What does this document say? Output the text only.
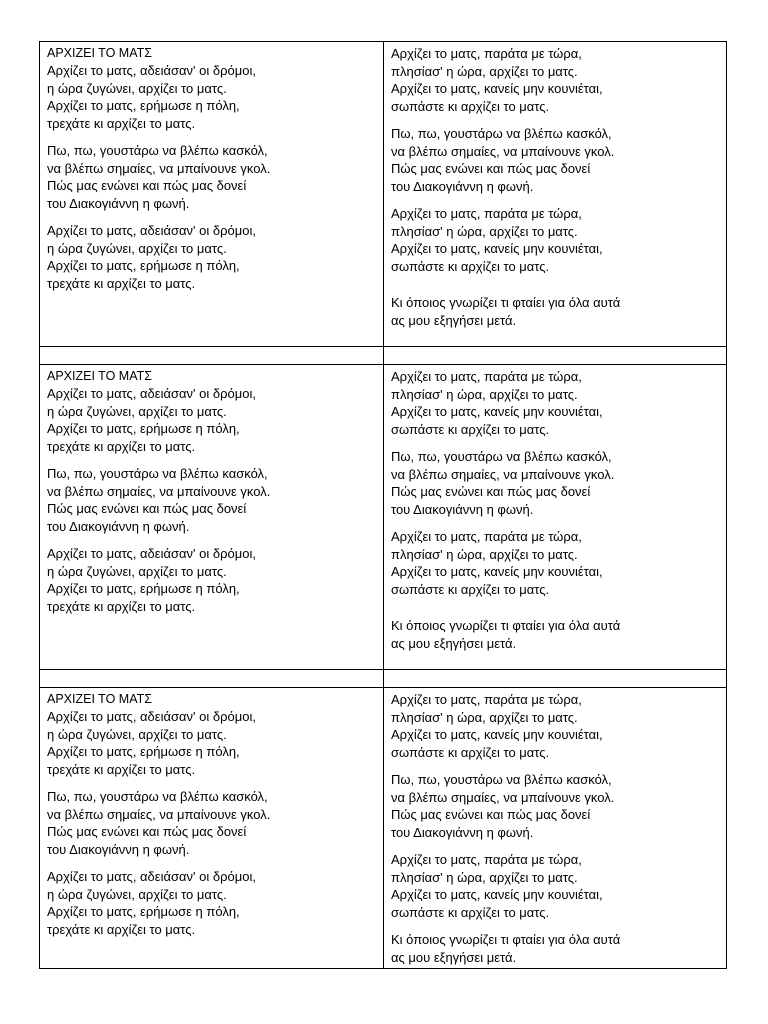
ΑΡΧΙΖΕΙ ΤΟ ΜΑΤΣ
Αρχίζει το ματς, αδειάσαν' οι δρόμοι,
η ώρα ζυγώνει, αρχίζει το ματς.
Αρχίζει το ματς, ερήμωσε η πόλη,
τρεχάτε κι αρχίζει το ματς.
Πω, πω, γουστάρω να βλέπω κασκόλ,
να βλέπω σημαίες, να μπαίνουνε γκολ.
Πώς μας ενώνει και πώς μας δονεί
του Διακογιάννη η φωνή.
Αρχίζει το ματς, αδειάσαν' οι δρόμοι,
η ώρα ζυγώνει, αρχίζει το ματς.
Αρχίζει το ματς, ερήμωσε η πόλη,
τρεχάτε κι αρχίζει το ματς.
Αρχίζει το ματς, παράτα με τώρα,
πλησίασ' η ώρα, αρχίζει το ματς.
Αρχίζει το ματς, κανείς μην κουνιέται,
σωπάστε κι αρχίζει το ματς.
Πω, πω, γουστάρω να βλέπω κασκόλ,
να βλέπω σημαίες, να μπαίνουνε γκολ.
Πώς μας ενώνει και πώς μας δονεί
του Διακογιάννη η φωνή.
Αρχίζει το ματς, παράτα με τώρα,
πλησίασ' η ώρα, αρχίζει το ματς.
Αρχίζει το ματς, κανείς μην κουνιέται,
σωπάστε κι αρχίζει το ματς.
Κι όποιος γνωρίζει τι φταίει για όλα αυτά
ας μου εξηγήσει μετά.
ΑΡΧΙΖΕΙ ΤΟ ΜΑΤΣ
Αρχίζει το ματς, αδειάσαν' οι δρόμοι,
η ώρα ζυγώνει, αρχίζει το ματς.
Αρχίζει το ματς, ερήμωσε η πόλη,
τρεχάτε κι αρχίζει το ματς.
Πω, πω, γουστάρω να βλέπω κασκόλ,
να βλέπω σημαίες, να μπαίνουνε γκολ.
Πώς μας ενώνει και πώς μας δονεί
του Διακογιάννη η φωνή.
Αρχίζει το ματς, αδειάσαν' οι δρόμοι,
η ώρα ζυγώνει, αρχίζει το ματς.
Αρχίζει το ματς, ερήμωσε η πόλη,
τρεχάτε κι αρχίζει το ματς.
Αρχίζει το ματς, παράτα με τώρα,
πλησίασ' η ώρα, αρχίζει το ματς.
Αρχίζει το ματς, κανείς μην κουνιέται,
σωπάστε κι αρχίζει το ματς.
Πω, πω, γουστάρω να βλέπω κασκόλ,
να βλέπω σημαίες, να μπαίνουνε γκολ.
Πώς μας ενώνει και πώς μας δονεί
του Διακογιάννη η φωνή.
Αρχίζει το ματς, παράτα με τώρα,
πλησίασ' η ώρα, αρχίζει το ματς.
Αρχίζει το ματς, κανείς μην κουνιέται,
σωπάστε κι αρχίζει το ματς.
Κι όποιος γνωρίζει τι φταίει για όλα αυτά
ας μου εξηγήσει μετά.
ΑΡΧΙΖΕΙ ΤΟ ΜΑΤΣ
Αρχίζει το ματς, αδειάσαν' οι δρόμοι,
η ώρα ζυγώνει, αρχίζει το ματς.
Αρχίζει το ματς, ερήμωσε η πόλη,
τρεχάτε κι αρχίζει το ματς.
Πω, πω, γουστάρω να βλέπω κασκόλ,
να βλέπω σημαίες, να μπαίνουνε γκολ.
Πώς μας ενώνει και πώς μας δονεί
του Διακογιάννη η φωνή.
Αρχίζει το ματς, αδειάσαν' οι δρόμοι,
η ώρα ζυγώνει, αρχίζει το ματς.
Αρχίζει το ματς, ερήμωσε η πόλη,
τρεχάτε κι αρχίζει το ματς.
Αρχίζει το ματς, παράτα με τώρα,
πλησίασ' η ώρα, αρχίζει το ματς.
Αρχίζει το ματς, κανείς μην κουνιέται,
σωπάστε κι αρχίζει το ματς.
Πω, πω, γουστάρω να βλέπω κασκόλ,
να βλέπω σημαίες, να μπαίνουνε γκολ.
Πώς μας ενώνει και πώς μας δονεί
του Διακογιάννη η φωνή.
Αρχίζει το ματς, παράτα με τώρα,
πλησίασ' η ώρα, αρχίζει το ματς.
Αρχίζει το ματς, κανείς μην κουνιέται,
σωπάστε κι αρχίζει το ματς.
Κι όποιος γνωρίζει τι φταίει για όλα αυτά
ας μου εξηγήσει μετά.
